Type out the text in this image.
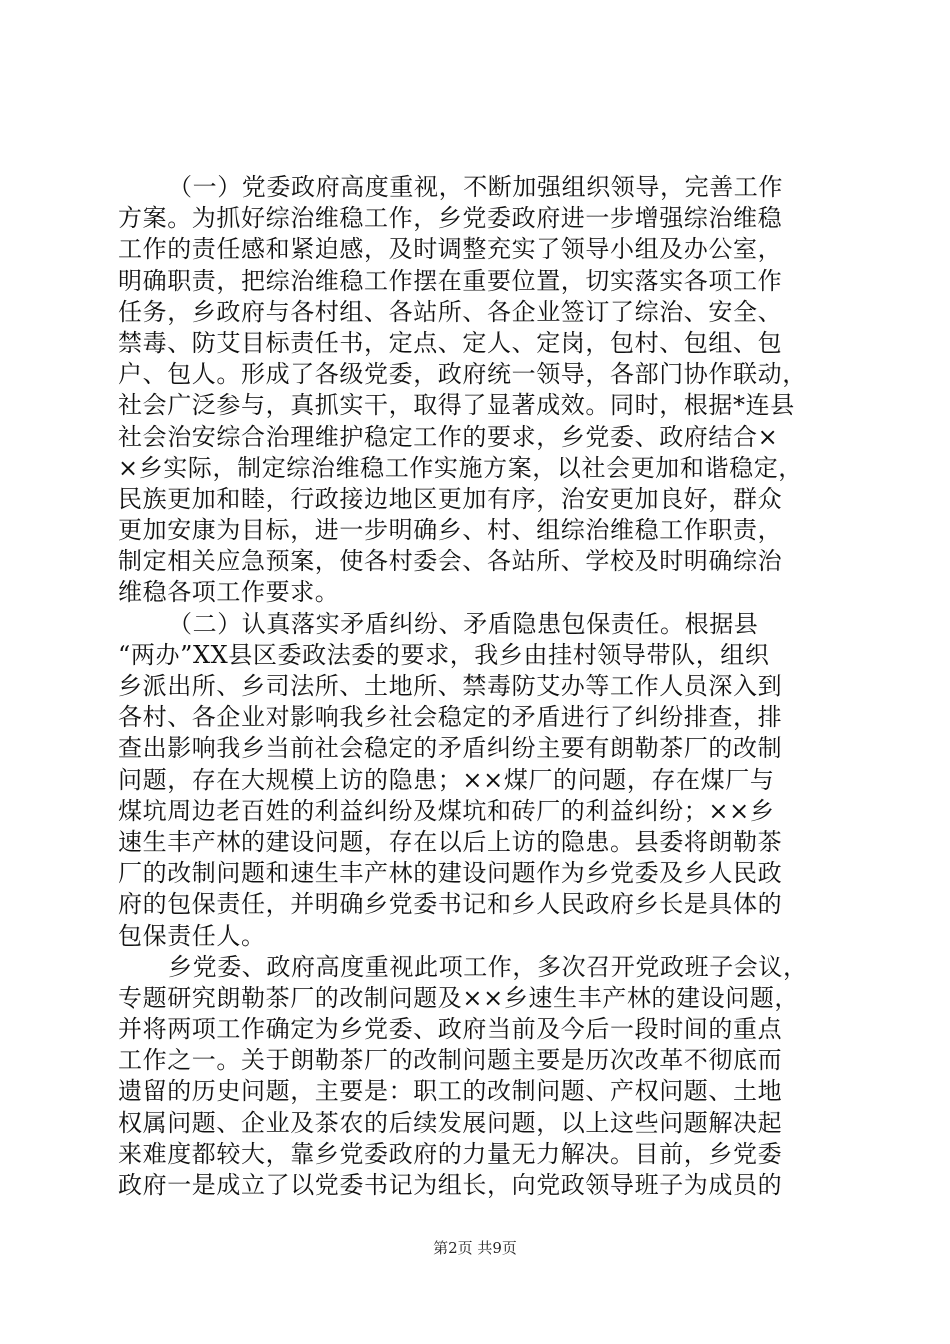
（一）党委政府高度重视，不断加强组织领导，完善工作
方案。为抓好综治维稳工作，乡党委政府进一步增强综治维稳
工作的责任感和紧迫感，及时调整充实了领导小组及办公室，
明确职责，把综治维稳工作摆在重要位置，切实落实各项工作
任务，乡政府与各村组、各站所、各企业签订了综治、安全、
禁毒、防艾目标责任书，定点、定人、定岗，包村、包组、包
户、包人。形成了各级党委，政府统一领导，各部门协作联动，
社会广泛参与，真抓实干，取得了显著成效。同时，根据*连县
社会治安综合治理维护稳定工作的要求，乡党委、政府结合×
×乡实际，制定综治维稳工作实施方案，以社会更加和谐稳定，
民族更加和睦，行政接边地区更加有序，治安更加良好，群众
更加安康为目标，进一步明确乡、村、组综治维稳工作职责，
制定相关应急预案，使各村委会、各站所、学校及时明确综治
维稳各项工作要求。
（二）认真落实矛盾纠纷、矛盾隐患包保责任。根据县
“两办”XX县区委政法委的要求，我乡由挂村领导带队，组织
乡派出所、乡司法所、土地所、禁毒防艾办等工作人员深入到
各村、各企业对影响我乡社会稳定的矛盾进行了纠纷排查，排
查出影响我乡当前社会稳定的矛盾纠纷主要有朗勒茶厂的改制
问题，存在大规模上访的隐患；××煤厂的问题，存在煤厂与
煤坑周边老百姓的利益纠纷及煤坑和砖厂的利益纠纷；××乡
速生丰产林的建设问题，存在以后上访的隐患。县委将朗勒茶
厂的改制问题和速生丰产林的建设问题作为乡党委及乡人民政
府的包保责任，并明确乡党委书记和乡人民政府乡长是具体的
包保责任人。
乡党委、政府高度重视此项工作，多次召开党政班子会议，
专题研究朗勒茶厂的改制问题及××乡速生丰产林的建设问题，
并将两项工作确定为乡党委、政府当前及今后一段时间的重点
工作之一。关于朗勒茶厂的改制问题主要是历次改革不彻底而
遗留的历史问题，主要是：职工的改制问题、产权问题、土地
权属问题、企业及茶农的后续发展问题，以上这些问题解决起
来难度都较大，靠乡党委政府的力量无力解决。目前，乡党委
政府一是成立了以党委书记为组长，向党政领导班子为成员的
第2页 共9页
